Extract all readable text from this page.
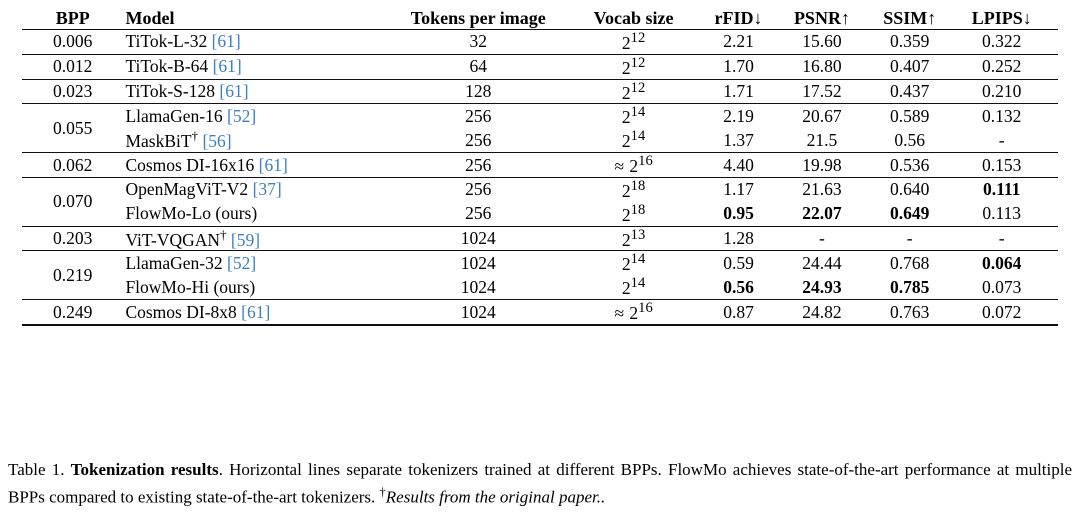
BPP	Model	Tokens per image	Vocab size	rFID↓	PSNR↑	SSIM↑	LPIPS↓
0.006	TiTok-L-32 [61]	32	$2^{12}$	2.21	15.60	0.359	0.322
0.012	TiTok-B-64 [61]	64	$2^{12}$	1.70	16.80	0.407	0.252
0.023	TiTok-S-128 [61]	128	$2^{12}$	1.71	17.52	0.437	0.210
0.055	LlamaGen-16 [52]	256	$2^{14}$	2.19	20.67	0.589	0.132
	MaskBiT† [56]	256	$2^{14}$	1.37	21.5	0.56	-
0.062	Cosmos DI-16x16 [61]	256	≈ $2^{16}$	4.40	19.98	0.536	0.153
0.070	OpenMagViT-V2 [37]	256	$2^{18}$	1.17	21.63	0.640	0.111
	FlowMo-Lo (ours)	256	$2^{18}$	0.95	22.07	0.649	0.113
0.203	ViT-VQGAN† [59]	1024	$2^{13}$	1.28	-	-	-
0.219	LlamaGen-32 [52]	1024	$2^{14}$	0.59	24.44	0.768	0.064
	FlowMo-Hi (ours)	1024	$2^{14}$	0.56	24.93	0.785	0.073
0.249	Cosmos DI-8x8 [61]	1024	≈ $2^{16}$	0.87	24.82	0.763	0.072

Table 1. Tokenization results. Horizontal lines separate tokenizers trained at different BPPs. FlowMo achieves state-of-the-art performance at multiple BPPs compared to existing state-of-the-art tokenizers. †Results from the original paper..
